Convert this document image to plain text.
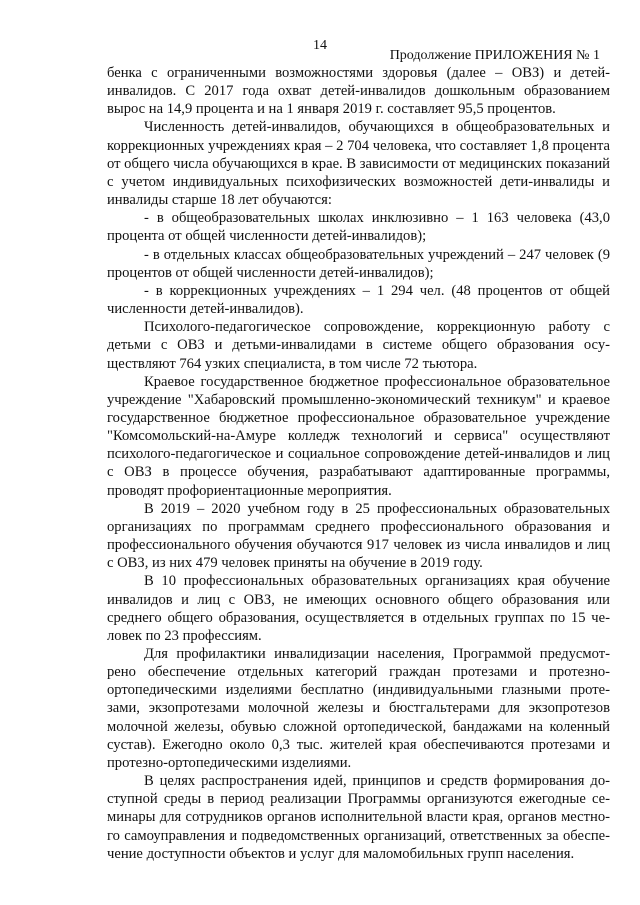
14
Продолжение ПРИЛОЖЕНИЯ № 1

бенка с ограниченными возможностями здоровья (далее – ОВЗ) и детей-инвалидов. С 2017 года охват детей-инвалидов дошкольным образованием вырос на 14,9 процента и на 1 января 2019 г. составляет 95,5 процентов.

Численность детей-инвалидов, обучающихся в общеобразовательных и коррекционных учреждениях края – 2 704 человека, что составляет 1,8 процента от общего числа обучающихся в крае. В зависимости от медицинских показаний с учетом индивидуальных психофизических возможностей дети-инвалиды и инвалиды старше 18 лет обучаются:

- в общеобразовательных школах инклюзивно – 1 163 человека (43,0 процента от общей численности детей-инвалидов);

- в отдельных классах общеобразовательных учреждений – 247 человек (9 процентов от общей численности детей-инвалидов);

- в коррекционных учреждениях – 1 294 чел. (48 процентов от общей численности детей-инвалидов).

Психолого-педагогическое сопровождение, коррекционную работу с детьми с ОВЗ и детьми-инвалидами в системе общего образования осуществляют 764 узких специалиста, в том числе 72 тьютора.

Краевое государственное бюджетное профессиональное образовательное учреждение "Хабаровский промышленно-экономический техникум" и краевое государственное бюджетное профессиональное образовательное учреждение "Комсомольский-на-Амуре колледж технологий и сервиса" осуществляют психолого-педагогическое и социальное сопровождение детей-инвалидов и лиц с ОВЗ в процессе обучения, разрабатывают адаптированные программы, проводят профориентационные мероприятия.

В 2019 – 2020 учебном году в 25 профессиональных образовательных организациях по программам среднего профессионального образования и профессионального обучения обучаются 917 человек из числа инвалидов и лиц с ОВЗ, из них 479 человек приняты на обучение в 2019 году.

В 10 профессиональных образовательных организациях края обучение инвалидов и лиц с ОВЗ, не имеющих основного общего образования или среднего общего образования, осуществляется в отдельных группах по 15 человек по 23 профессиям.

Для профилактики инвалидизации населения, Программой предусмотрено обеспечение отдельных категорий граждан протезами и протезно-ортопедическими изделиями бесплатно (индивидуальными глазными протезами, экзопротезами молочной железы и бюстгальтерами для экзопротезов молочной железы, обувью сложной ортопедической, бандажами на коленный сустав). Ежегодно около 0,3 тыс. жителей края обеспечиваются протезами и протезно-ортопедическими изделиями.

В целях распространения идей, принципов и средств формирования доступной среды в период реализации Программы организуются ежегодные семинары для сотрудников органов исполнительной власти края, органов местного самоуправления и подведомственных организаций, ответственных за обеспечение доступности объектов и услуг для маломобильных групп населения.
